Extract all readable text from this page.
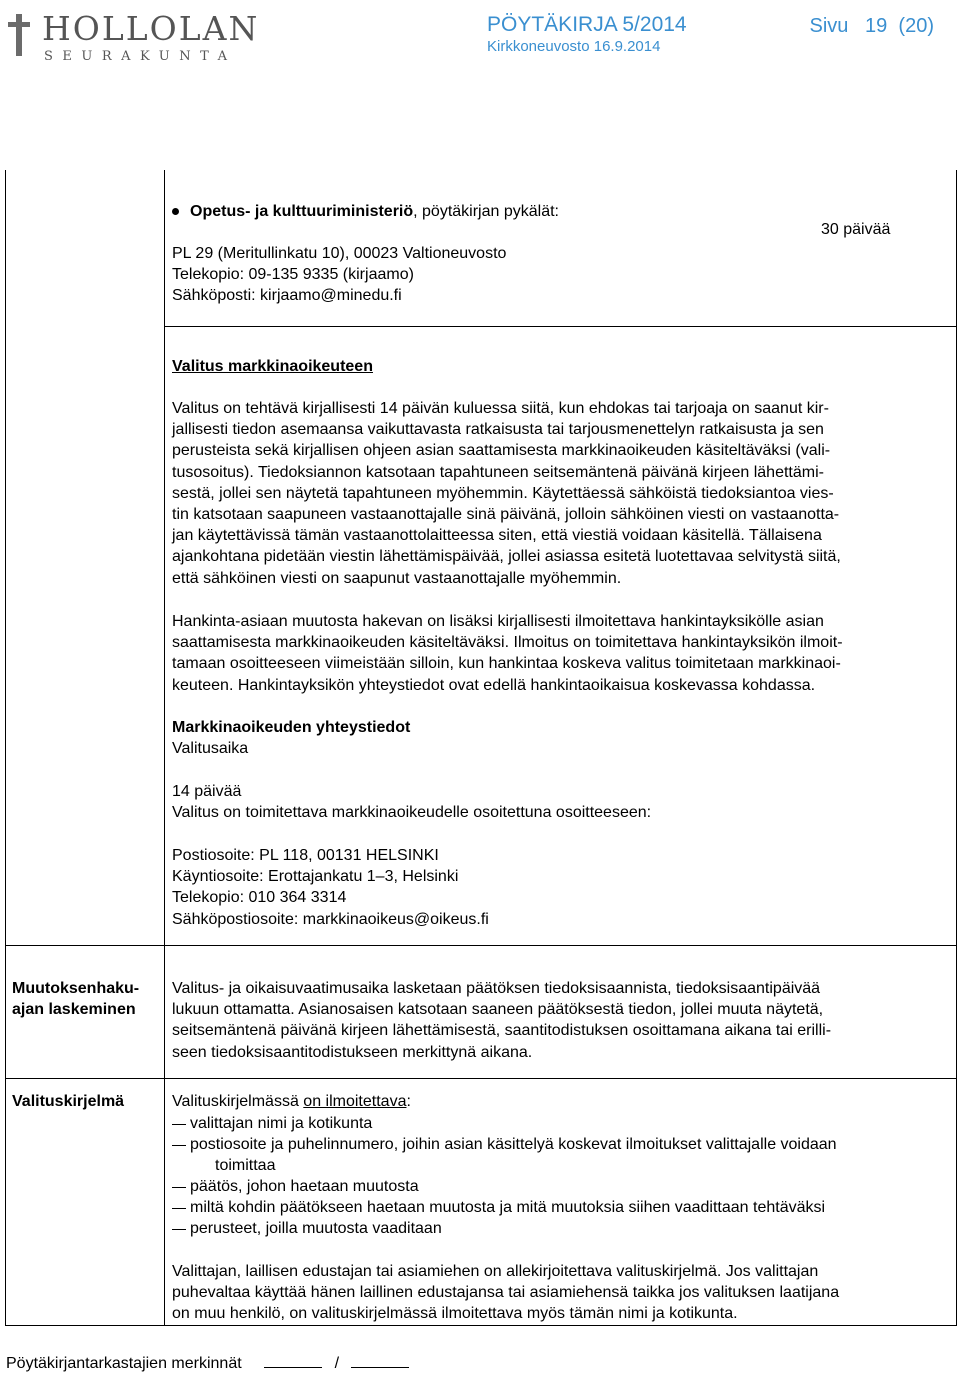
HOLLOLAN
SEURAKUNTA
PÖYTÄKIRJA 5/2014
Kirkkoneuvosto 16.9.2014
Sivu   19  (20)
Opetus- ja kulttuuriministeriö, pöytäkirjan pykälät:
PL 29 (Meritullinkatu 10), 00023 Valtioneuvosto
Telekopio: 09-135 9335 (kirjaamo)
Sähköposti: kirjaamo@minedu.fi
30 päivää
Valitus markkinaoikeuteen
Valitus on tehtävä kirjallisesti 14 päivän kuluessa siitä, kun ehdokas tai tarjoaja on saanut kir-
jallisesti tiedon asemaansa vaikuttavasta ratkaisusta tai tarjousmenettelyn ratkaisusta ja sen
perusteista sekä kirjallisen ohjeen asian saattamisesta markkinaoikeuden käsiteltäväksi (vali-
tusosoitus). Tiedoksiannon katsotaan tapahtuneen seitsemäntenä päivänä kirjeen lähettämi-
sestä, jollei sen näytetä tapahtuneen myöhemmin. Käytettäessä sähköistä tiedoksiantoa vies-
tin katsotaan saapuneen vastaanottajalle sinä päivänä, jolloin sähköinen viesti on vastaanotta-
jan käytettävissä tämän vastaanottolaitteessa siten, että viestiä voidaan käsitellä. Tällaisena
ajankohtana pidetään viestin lähettämispäivää, jollei asiassa esitetä luotettavaa selvitystä siitä,
että sähköinen viesti on saapunut vastaanottajalle myöhemmin.
Hankinta-asiaan muutosta hakevan on lisäksi kirjallisesti ilmoitettava hankintayksikölle asian
saattamisesta markkinaoikeuden käsiteltäväksi. Ilmoitus on toimitettava hankintayksikön ilmoit-
tamaan osoitteeseen viimeistään silloin, kun hankintaa koskeva valitus toimitetaan markkinaoi-
keuteen. Hankintayksikön yhteystiedot ovat edellä hankintaoikaisua koskevassa kohdassa.
Markkinaoikeuden yhteystiedot
Valitusaika
14 päivää
Valitus on toimitettava markkinaoikeudelle osoitettuna osoitteeseen:
Postiosoite: PL 118, 00131 HELSINKI
Käyntiosoite: Erottajankatu 1–3, Helsinki
Telekopio: 010 364 3314
Sähköpostiosoite: markkinaoikeus@oikeus.fi
Muutoksenhaku-
ajan laskeminen
Valitus- ja oikaisuvaatimusaika lasketaan päätöksen tiedoksisaannista, tiedoksisaantipäivää
lukuun ottamatta. Asianosaisen katsotaan saaneen päätöksestä tiedon, jollei muuta näytetä,
seitsemäntenä päivänä kirjeen lähettämisestä, saantitodistuksen osoittamana aikana tai erilli-
seen tiedoksisaantitodistukseen merkittynä aikana.
Valituskirjelmä	Valituskirjelmässä on ilmoitettava:
valittajan nimi ja kotikunta
postiosoite ja puhelinnumero, joihin asian käsittelyä koskevat ilmoitukset valittajalle voidaan
toimittaa
päätös, johon haetaan muutosta
miltä kohdin päätökseen haetaan muutosta ja mitä muutoksia siihen vaadittaan tehtäväksi
perusteet, joilla muutosta vaaditaan
Valittajan, laillisen edustajan tai asiamiehen on allekirjoitettava valituskirjelmä. Jos valittajan
puhevaltaa käyttää hänen laillinen edustajansa tai asiamiehensä taikka jos valituksen laatijana
on muu henkilö, on valituskirjelmässä ilmoitettava myös tämän nimi ja kotikunta.
Pöytäkirjantarkastajien merkinnät	/
